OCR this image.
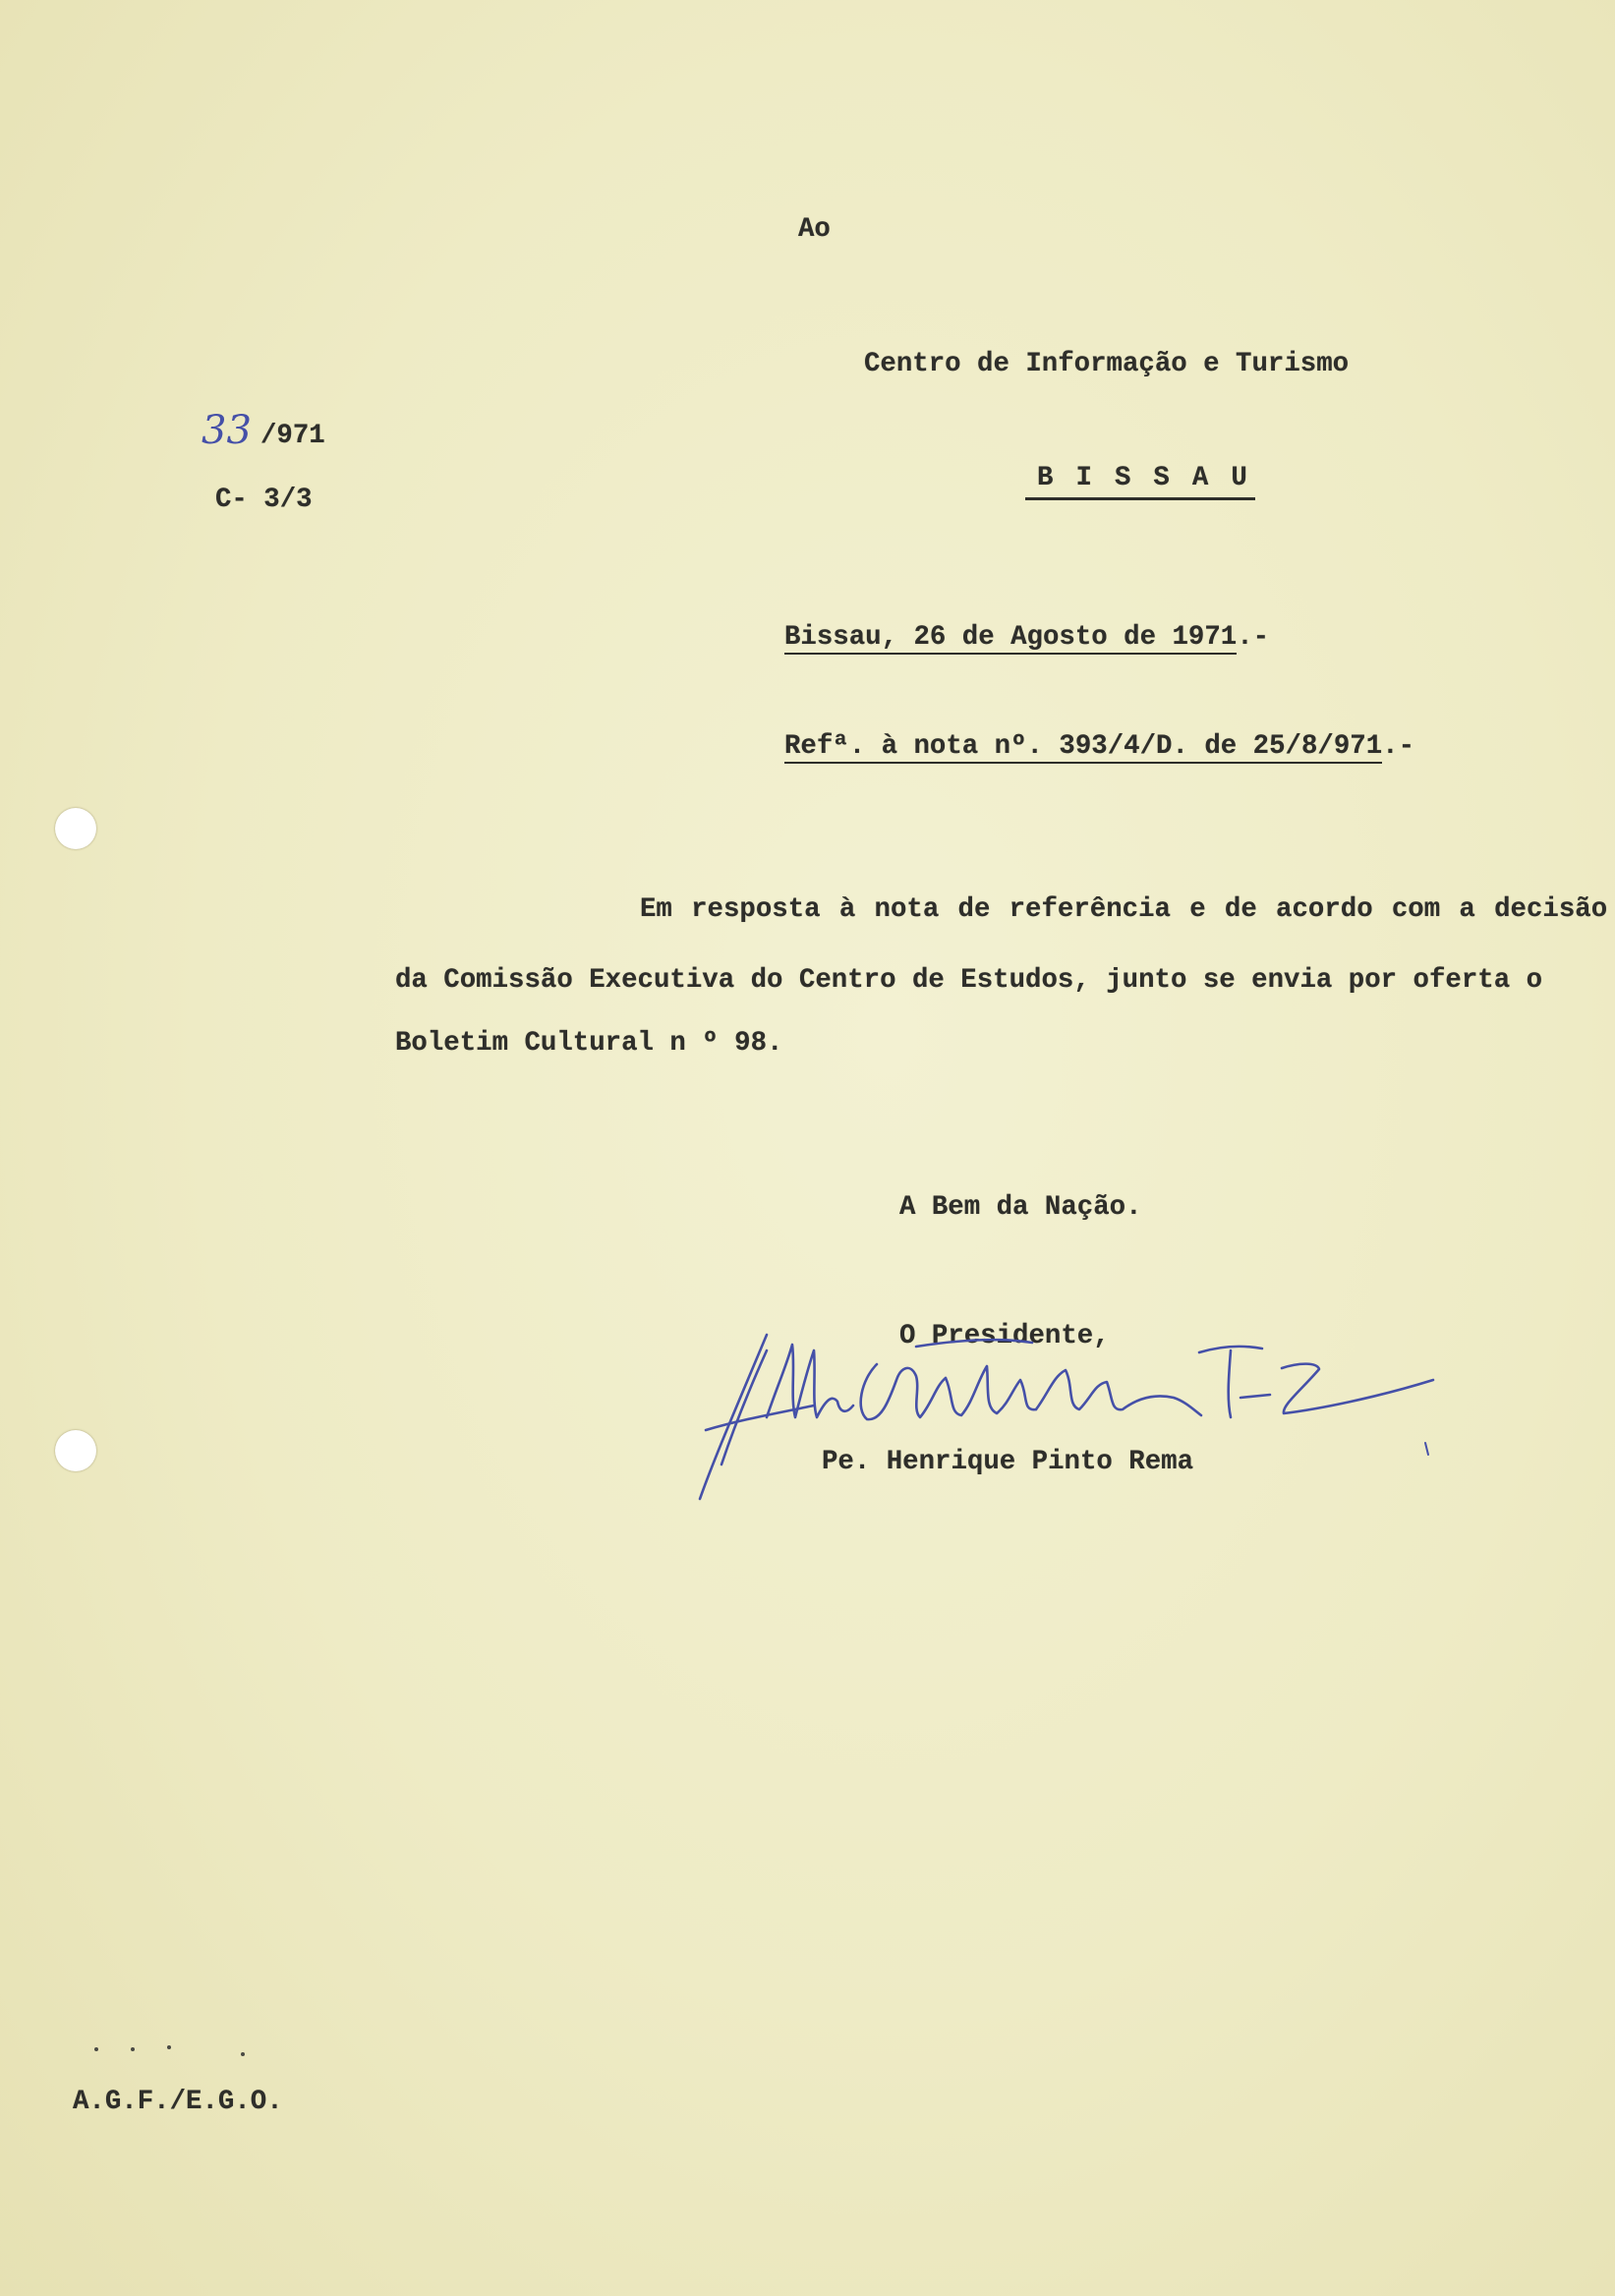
Ao
Centro de Informação e Turismo
B I S S A U
33 /971
C- 3/3
Bissau, 26 de Agosto de 1971.-
Refª. à nota nº. 393/4/D. de 25/8/971.-
Em resposta à nota de referência e de acordo com a decisão
da Comissão Executiva do Centro de Estudos, junto se envia por oferta o
Boletim Cultural n º 98.
A Bem da Nação.
O Presidente,
Pe. Henrique Pinto Rema
A.G.F./E.G.O.
